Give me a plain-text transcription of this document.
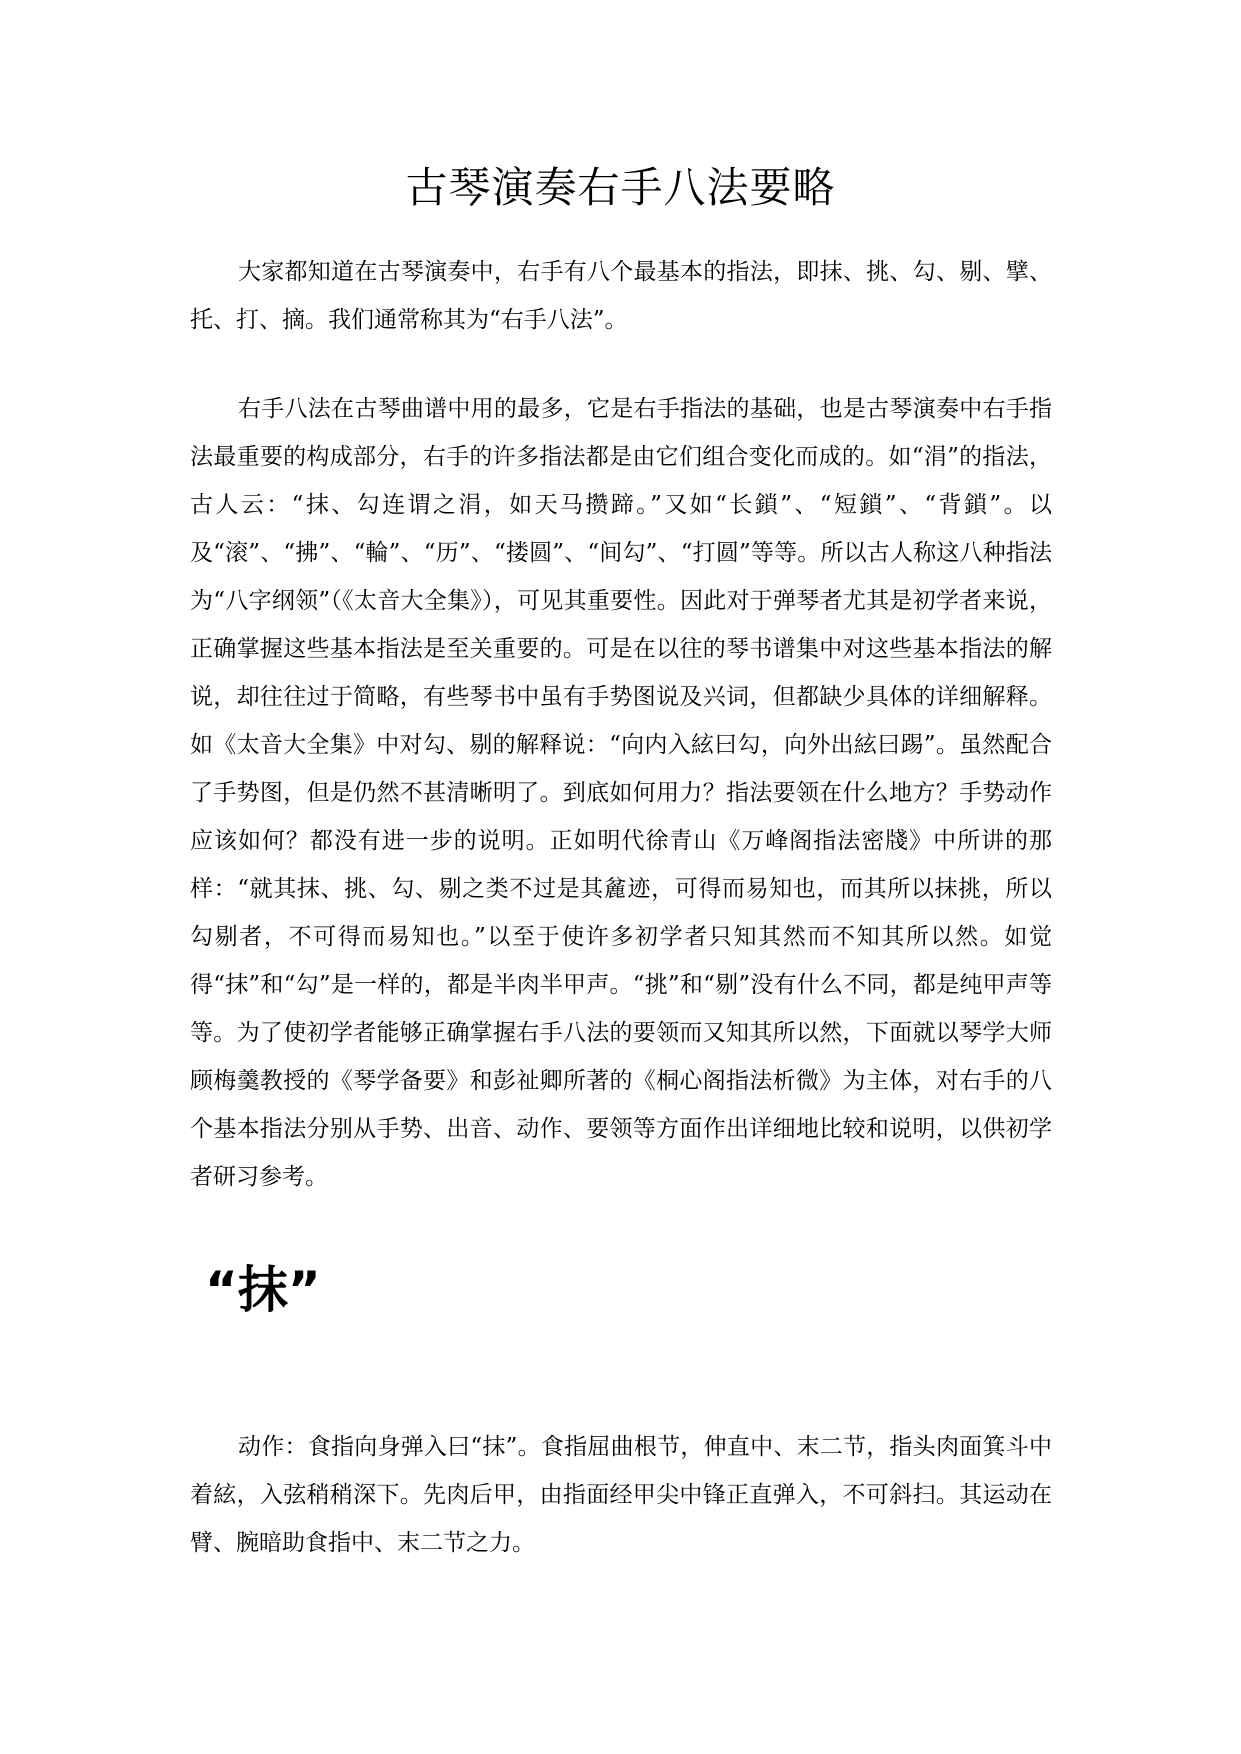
古琴演奏右手八法要略

大家都知道在古琴演奏中，右手有八个最基本的指法，即抹、挑、勾、剔、擘、托、打、摘。我们通常称其为“右手八法”。

右手八法在古琴曲谱中用的最多，它是右手指法的基础，也是古琴演奏中右手指法最重要的构成部分，右手的许多指法都是由它们组合变化而成的。如“涓”的指法，古人云：“抹、勾连谓之涓，如天马攒蹄。”又如“长鎖”、“短鎖”、“背鎖”。以及“滚”、“拂”、“輪”、“历”、“搂圆”、“间勾”、“打圆”等等。所以古人称这八种指法为“八字纲领”（《太音大全集》），可见其重要性。因此对于弹琴者尤其是初学者来说，正确掌握这些基本指法是至关重要的。可是在以往的琴书谱集中对这些基本指法的解说，却往往过于简略，有些琴书中虽有手势图说及兴词，但都缺少具体的详细解释。如《太音大全集》中对勾、剔的解释说：“向内入絃曰勾，向外出絃曰踢”。虽然配合了手势图，但是仍然不甚清晰明了。到底如何用力？指法要领在什么地方？手势动作应该如何？都没有进一步的说明。正如明代徐青山《万峰阁指法密牋》中所讲的那样：“就其抹、挑、勾、剔之类不过是其麄迹，可得而易知也，而其所以抹挑，所以勾剔者，不可得而易知也。”以至于使许多初学者只知其然而不知其所以然。如觉得“抹”和“勾”是一样的，都是半肉半甲声。“挑”和“剔”没有什么不同，都是纯甲声等等。为了使初学者能够正确掌握右手八法的要领而又知其所以然，下面就以琴学大师顾梅羹教授的《琴学备要》和彭祉卿所著的《桐心阁指法析微》为主体，对右手的八个基本指法分别从手势、出音、动作、要领等方面作出详细地比较和说明，以供初学者研习参考。

“抹”

动作：食指向身弹入曰“抹”。食指屈曲根节，伸直中、末二节，指头肉面箕斗中着絃，入弦稍稍深下。先肉后甲，由指面经甲尖中锋正直弹入，不可斜扫。其运动在臂、腕暗助食指中、末二节之力。
